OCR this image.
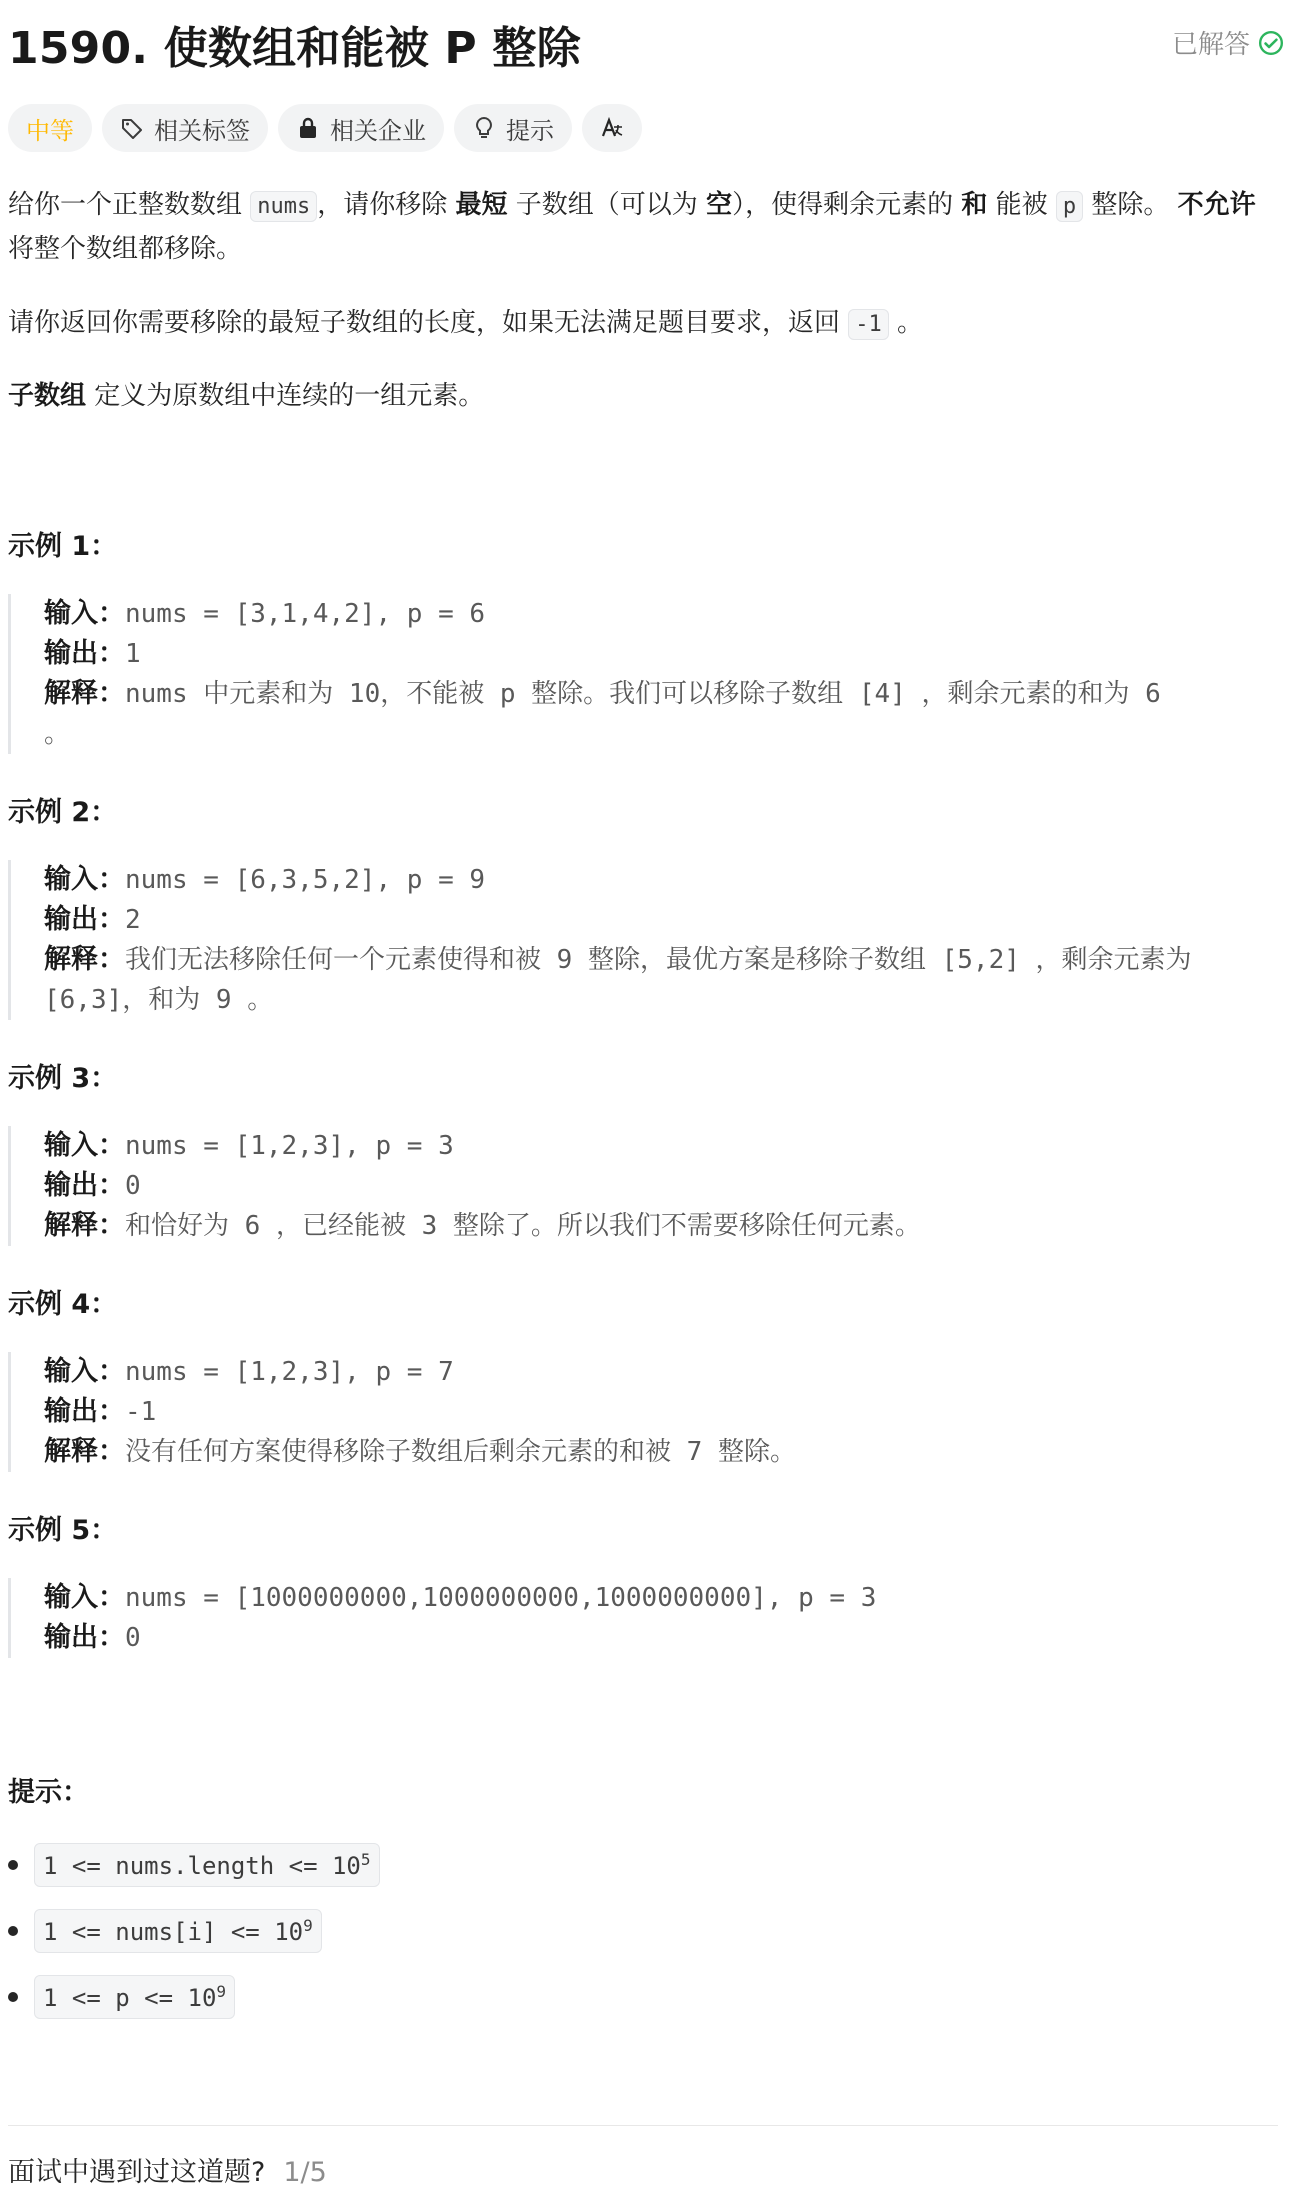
1590. 使数组和能被 P 整除	已解答
中等	相关标签	相关企业	提示
给你一个正整数数组 nums ，请你移除 最短 子数组（可以为 空），使得剩余元素的 和 能被 p 整除。 不允许 将整个数组都移除。
请你返回你需要移除的最短子数组的长度，如果无法满足题目要求，返回 -1 。
子数组 定义为原数组中连续的一组元素。
示例 1：
输入：nums = [3,1,4,2], p = 6
输出：1
解释：nums 中元素和为 10，不能被 p 整除。我们可以移除子数组 [4] ，剩余元素的和为 6
。
示例 2：
输入：nums = [6,3,5,2], p = 9
输出：2
解释：我们无法移除任何一个元素使得和被 9 整除，最优方案是移除子数组 [5,2] ，剩余元素为
[6,3]，和为 9 。
示例 3：
输入：nums = [1,2,3], p = 3
输出：0
解释：和恰好为 6 ，已经能被 3 整除了。所以我们不需要移除任何元素。
示例 4：
输入：nums = [1,2,3], p = 7
输出：-1
解释：没有任何方案使得移除子数组后剩余元素的和被 7 整除。
示例 5：
输入：nums = [1000000000,1000000000,1000000000], p = 3
输出：0
提示：
1 <= nums.length <= $10^5$
1 <= nums[i] <= $10^9$
$1 <= p <= 10^9$
面试中遇到过这道题? 1/5
